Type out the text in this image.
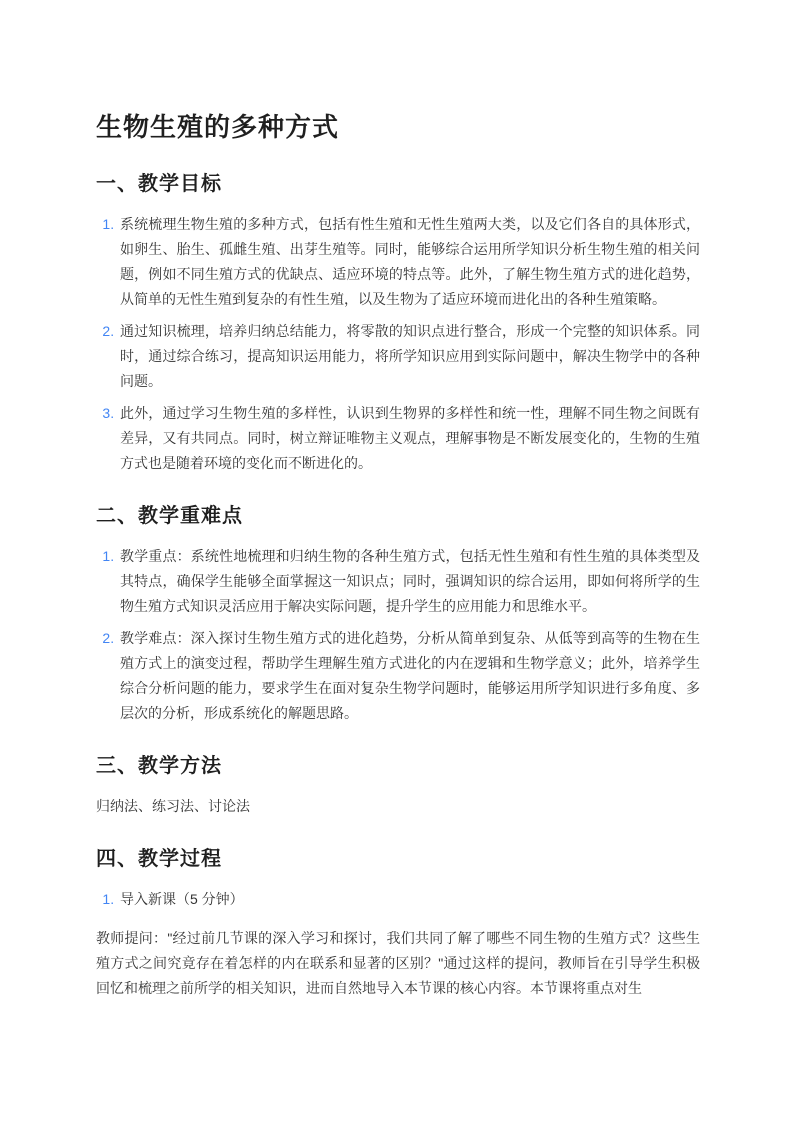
生物生殖的多种方式
一、教学目标
1. 系统梳理生物生殖的多种方式，包括有性生殖和无性生殖两大类，以及它们各自的具体形式，如卵生、胎生、孤雌生殖、出芽生殖等。同时，能够综合运用所学知识分析生物生殖的相关问题，例如不同生殖方式的优缺点、适应环境的特点等。此外，了解生物生殖方式的进化趋势，从简单的无性生殖到复杂的有性生殖，以及生物为了适应环境而进化出的各种生殖策略。
2. 通过知识梳理，培养归纳总结能力，将零散的知识点进行整合，形成一个完整的知识体系。同时，通过综合练习，提高知识运用能力，将所学知识应用到实际问题中，解决生物学中的各种问题。
3. 此外，通过学习生物生殖的多样性，认识到生物界的多样性和统一性，理解不同生物之间既有差异，又有共同点。同时，树立辩证唯物主义观点，理解事物是不断发展变化的，生物的生殖方式也是随着环境的变化而不断进化的。
二、教学重难点
1. 教学重点：系统性地梳理和归纳生物的各种生殖方式，包括无性生殖和有性生殖的具体类型及其特点，确保学生能够全面掌握这一知识点；同时，强调知识的综合运用，即如何将所学的生物生殖方式知识灵活应用于解决实际问题，提升学生的应用能力和思维水平。
2. 教学难点：深入探讨生物生殖方式的进化趋势，分析从简单到复杂、从低等到高等的生物在生殖方式上的演变过程，帮助学生理解生殖方式进化的内在逻辑和生物学意义；此外，培养学生综合分析问题的能力，要求学生在面对复杂生物学问题时，能够运用所学知识进行多角度、多层次的分析，形成系统化的解题思路。
三、教学方法

归纳法、练习法、讨论法

四、教学过程
1. 导入新课（5 分钟）

教师提问："经过前几节课的深入学习和探讨，我们共同了解了哪些不同生物的生殖方式？这些生殖方式之间究竟存在着怎样的内在联系和显著的区别？"通过这样的提问，教师旨在引导学生积极回忆和梳理之前所学的相关知识，进而自然地导入本节课的核心内容。本节课将重点对生
